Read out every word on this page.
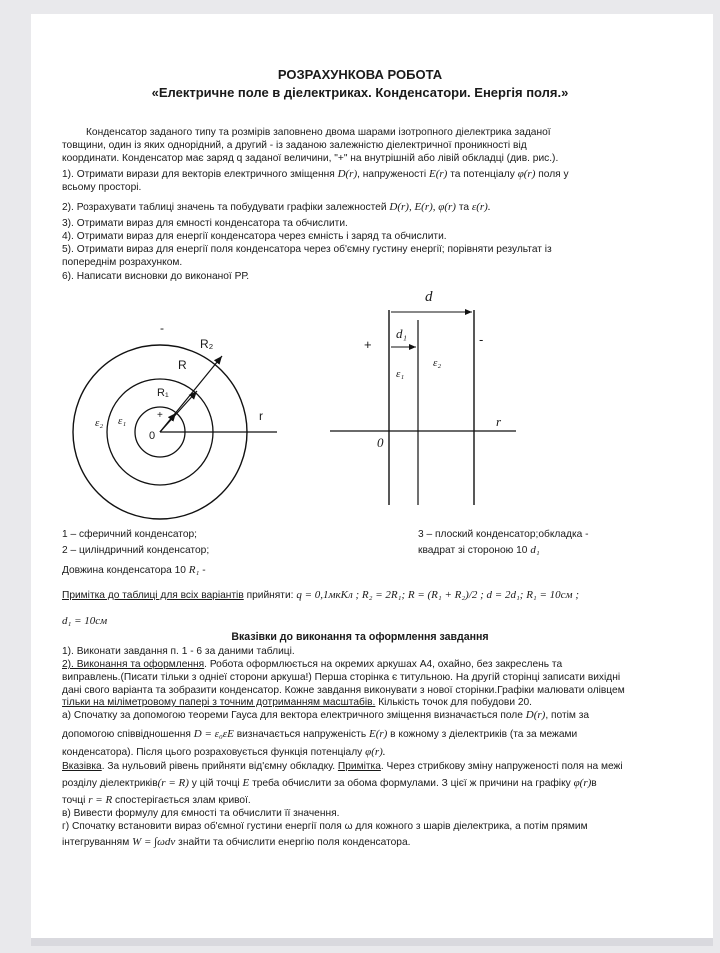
РОЗРАХУНКОВА РОБОТА
«Електричне поле в діелектриках. Конденсатори. Енергія поля.»
Конденсатор заданого типу та розмірів заповнено двома шарами ізотропного діелектрика заданої
товщини, один із яких однорідний, а другий - із заданою залежністю діелектричної проникності від
координати. Конденсатор має заряд q заданої величини, "+" на внутрішній або лівій обкладці (див. рис.).
1). Отримати вирази для векторів електричного зміщення D(r), напруженості E(r) та потенціалу φ(r) поля у
всьому просторі.
2). Розрахувати таблиці значень та побудувати графіки залежностей D(r), E(r), φ(r) та ε(r).
3). Отримати вираз для ємності конденсатора та обчислити.
4). Отримати вираз для енергії конденсатора через ємність і заряд та обчислити.
5). Отримати вираз для енергії поля конденсатора через об'ємну густину енергії; порівняти результат із
попереднім розрахунком.
6). Написати висновки до виконаної РР.
-
R₂
R
R₁
+
ε₂ ε₁
0
r
d
d₁
+	-
ε₁
ε₂
0
r
1 – сферичний конденсатор;
2 – циліндричний конденсатор;
3 – плоский конденсатор;обкладка -
квадрат зі стороною 10 d₁
Довжина конденсатора 10 R₁ -
Примітка до таблиці для всіх варіантів прийняти: q = 0,1мкКл ; R₂ = 2R₁; R = (R₁ + R₂)/2 ; d = 2d₁; R₁ = 10см ;
d₁ = 10см
Вказівки до виконання та оформлення завдання
1). Виконати завдання п. 1 - 6 за даними таблиці.
2). Виконання та оформлення. Робота оформлюється на окремих аркушах А4, охайно, без закреслень та
виправлень.(Писати тільки з одніеї сторони аркуша!) Перша сторінка є титульною. На другій сторінці записати вихідні
дані свого варіанта та зобразити конденсатор. Кожне завдання виконувати з нової сторінки.Графіки малювати олівцем
тільки на міліметровому папері з точним дотриманням масштабів. Кількість точок для побудови 20.
а) Спочатку за допомогою теореми Гауса для вектора електричного зміщення визначається поле D(r), потім за
допомогою співвідношення D = ε₀εE визначається напруженість E(r) в кожному з діелектриків (та за межами
конденсатора). Після цього розраховується функція потенціалу φ(r).
Вказівка. За нульовий рівень прийняти від'ємну обкладку. Примітка. Через стрибкову зміну напруженості поля на межі
розділу діелектриків(r = R) у цій точці E треба обчислити за обома формулами. З цієї ж причини на графіку φ(r)в
точці r = R спостерігається злам кривої.
в) Вивести формулу для ємності та обчислити її значення.
г) Спочатку встановити вираз об'ємної густини енергії поля ω для кожного з шарів діелектрика, а потім прямим
інтегруванням W = ∫ωdv знайти та обчислити енергію поля конденсатора.
